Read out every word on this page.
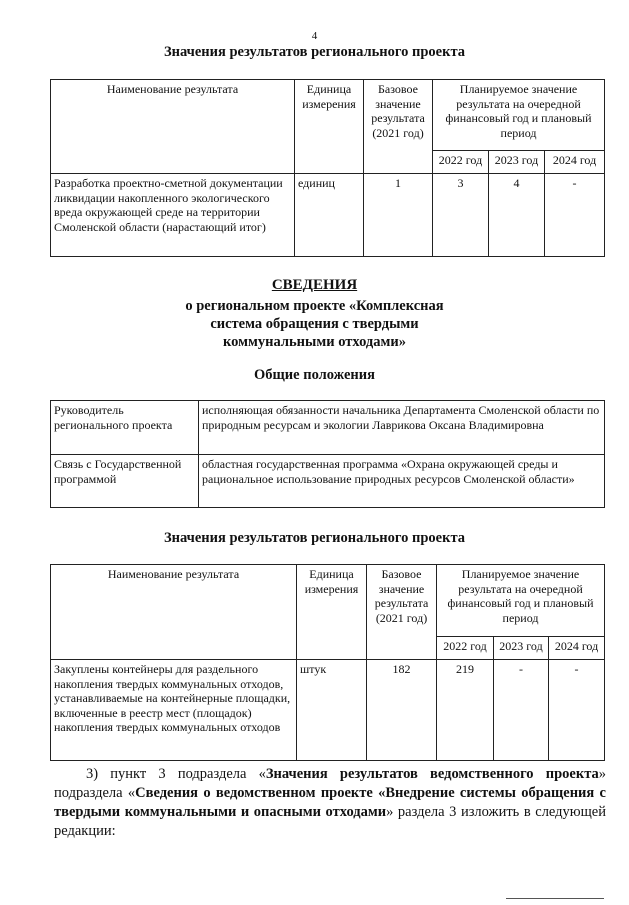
4
Значения результатов регионального проекта
Наименование результата	Единица измерения	Базовое значение результата (2021 год)	Планируемое значение результата на очередной финансовый год и плановый период		
			2022 год	2023 год	2024 год
Разработка проектно-сметной документации ликвидации накопленного экологического вреда окружающей среде на территории Смоленской области (нарастающий итог)	единиц	1	3	4	-
СВЕДЕНИЯ
о региональном проекте «Комплексная
система обращения с твердыми
коммунальными отходами»
Общие положения
Руководитель регионального проекта	исполняющая обязанности начальника Департамента Смоленской области по природным ресурсам и экологии Лаврикова Оксана Владимировна
Связь с Государственной программой	областная государственная программа «Охрана окружающей среды и рациональное использование природных ресурсов Смоленской области»
Значения результатов регионального проекта
Наименование результата	Единица измерения	Базовое значение результата (2021 год)	Планируемое значение результата на очередной финансовый год и плановый период		
			2022 год	2023 год	2024 год
Закуплены контейнеры для раздельного накопления твердых коммунальных отходов, устанавливаемые на контейнерные площадки, включенные в реестр мест (площадок) накопления твердых коммунальных отходов	штук	182	219	-	-
3) пункт 3 подраздела «Значения результатов ведомственного проекта» подраздела «Сведения о ведомственном проекте «Внедрение системы обращения с твердыми коммунальными и опасными отходами» раздела 3 изложить в следующей редакции:
